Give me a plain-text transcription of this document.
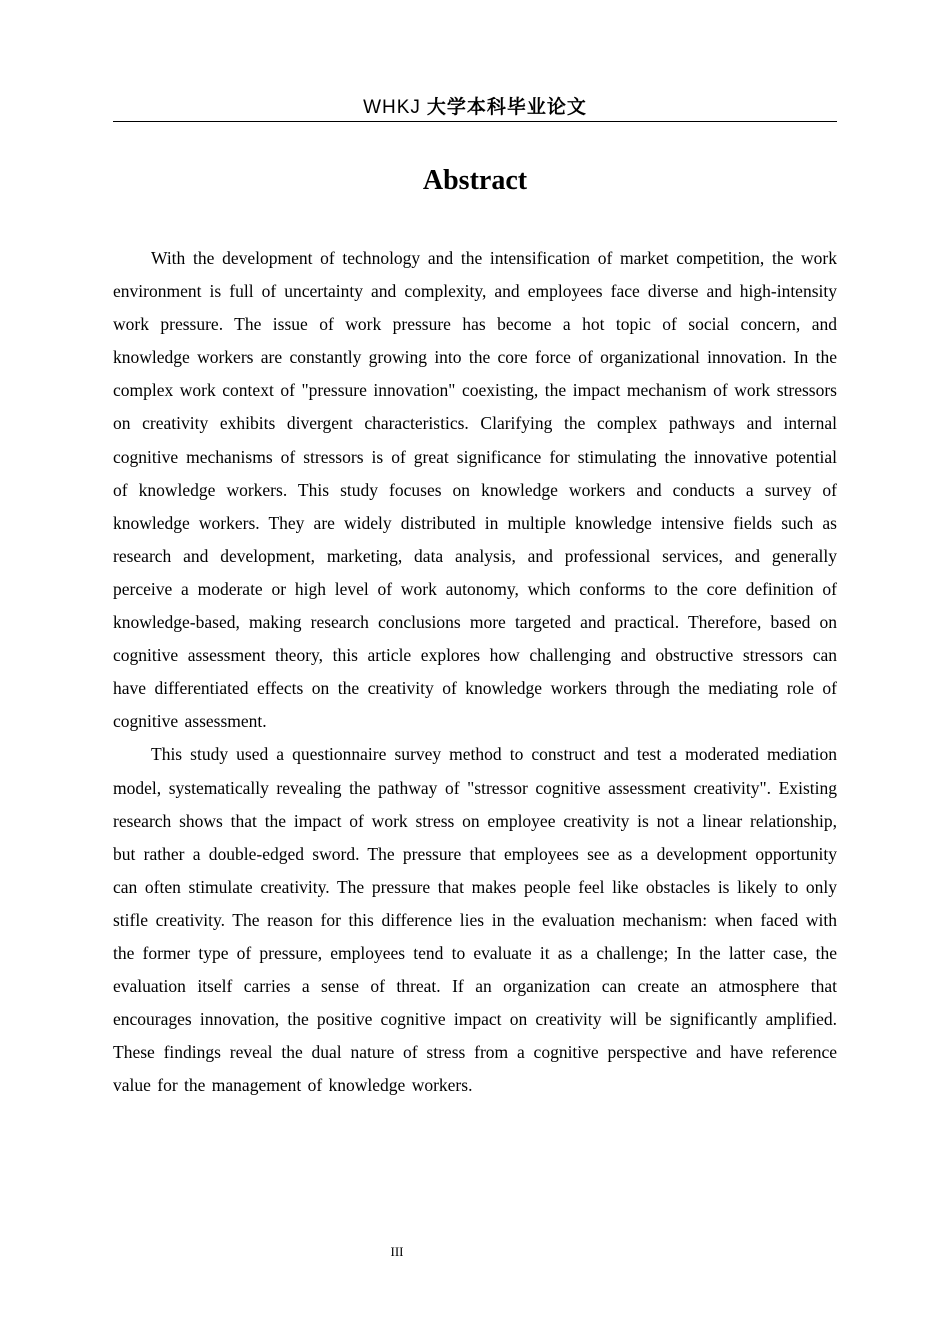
WHKJ 大学本科毕业论文
Abstract

With the development of technology and the intensification of market competition, the work environment is full of uncertainty and complexity, and employees face diverse and high-intensity work pressure. The issue of work pressure has become a hot topic of social concern, and knowledge workers are constantly growing into the core force of organizational innovation. In the complex work context of "pressure innovation" coexisting, the impact mechanism of work stressors on creativity exhibits divergent characteristics. Clarifying the complex pathways and internal cognitive mechanisms of stressors is of great significance for stimulating the innovative potential of knowledge workers. This study focuses on knowledge workers and conducts a survey of knowledge workers. They are widely distributed in multiple knowledge intensive fields such as research and development, marketing, data analysis, and professional services, and generally perceive a moderate or high level of work autonomy, which conforms to the core definition of knowledge-based, making research conclusions more targeted and practical. Therefore, based on cognitive assessment theory, this article explores how challenging and obstructive stressors can have differentiated effects on the creativity of knowledge workers through the mediating role of cognitive assessment.

This study used a questionnaire survey method to construct and test a moderated mediation model, systematically revealing the pathway of "stressor cognitive assessment creativity". Existing research shows that the impact of work stress on employee creativity is not a linear relationship, but rather a double-edged sword. The pressure that employees see as a development opportunity can often stimulate creativity. The pressure that makes people feel like obstacles is likely to only stifle creativity. The reason for this difference lies in the evaluation mechanism: when faced with the former type of pressure, employees tend to evaluate it as a challenge; In the latter case, the evaluation itself carries a sense of threat. If an organization can create an atmosphere that encourages innovation, the positive cognitive impact on creativity will be significantly amplified. These findings reveal the dual nature of stress from a cognitive perspective and have reference value for the management of knowledge workers.

III
